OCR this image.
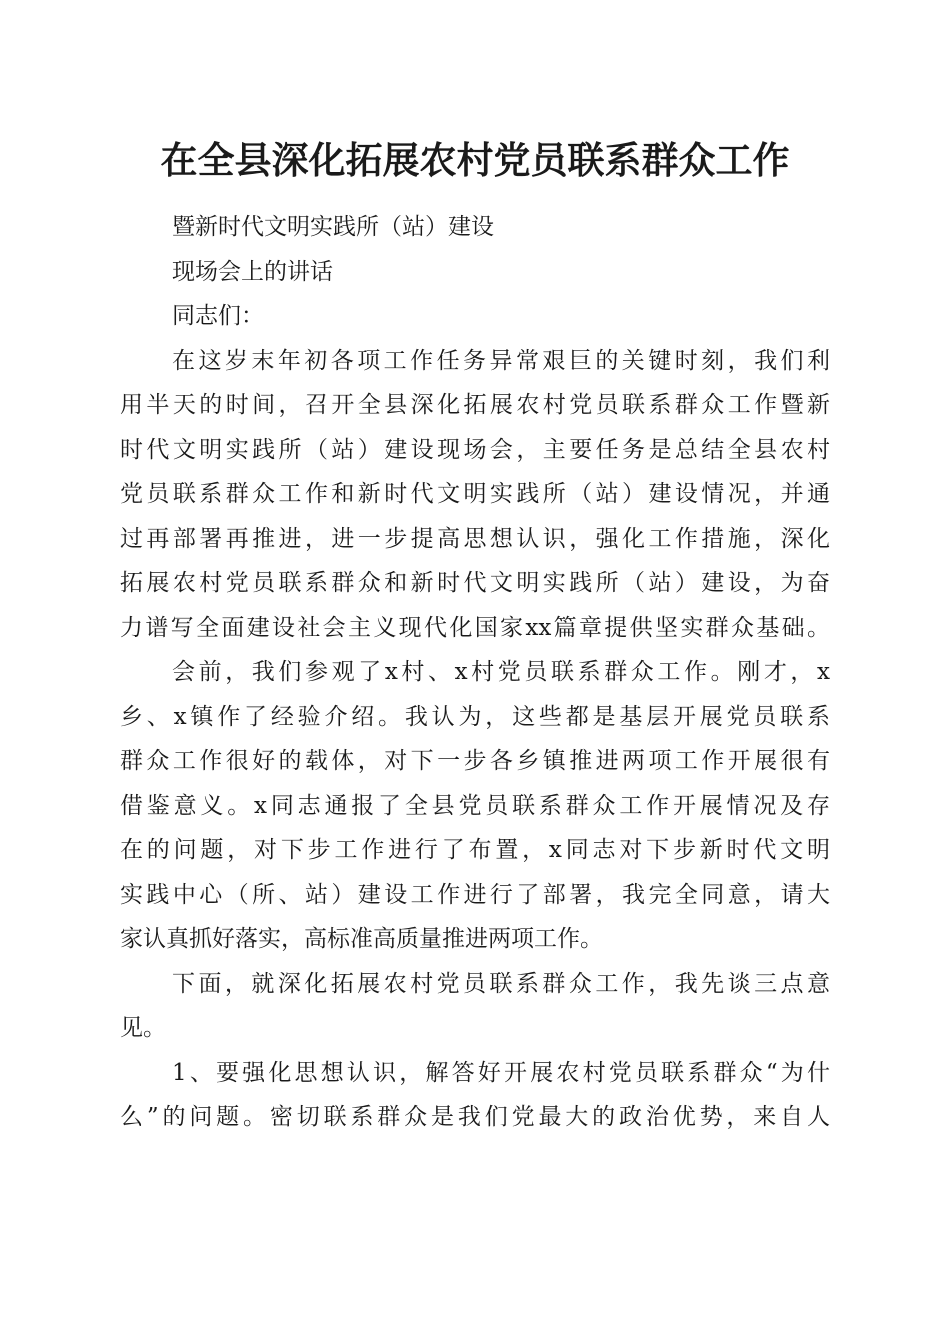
在全县深化拓展农村党员联系群众工作
暨新时代文明实践所（站）建设
现场会上的讲话
同志们：
在这岁末年初各项工作任务异常艰巨的关键时刻，我们利
用半天的时间，召开全县深化拓展农村党员联系群众工作暨新
时代文明实践所（站）建设现场会，主要任务是总结全县农村
党员联系群众工作和新时代文明实践所（站）建设情况，并通
过再部署再推进，进一步提高思想认识，强化工作措施，深化
拓展农村党员联系群众和新时代文明实践所（站）建设，为奋
力谱写全面建设社会主义现代化国家xx篇章提供坚实群众基础。
会前，我们参观了x村、x村党员联系群众工作。刚才，x
乡、x镇作了经验介绍。我认为，这些都是基层开展党员联系
群众工作很好的载体，对下一步各乡镇推进两项工作开展很有
借鉴意义。x同志通报了全县党员联系群众工作开展情况及存
在的问题，对下步工作进行了布置，x同志对下步新时代文明
实践中心（所、站）建设工作进行了部署，我完全同意，请大
家认真抓好落实，高标准高质量推进两项工作。
下面，就深化拓展农村党员联系群众工作，我先谈三点意
见。
1、要强化思想认识，解答好开展农村党员联系群众“为什
么”的问题。密切联系群众是我们党最大的政治优势，来自人
